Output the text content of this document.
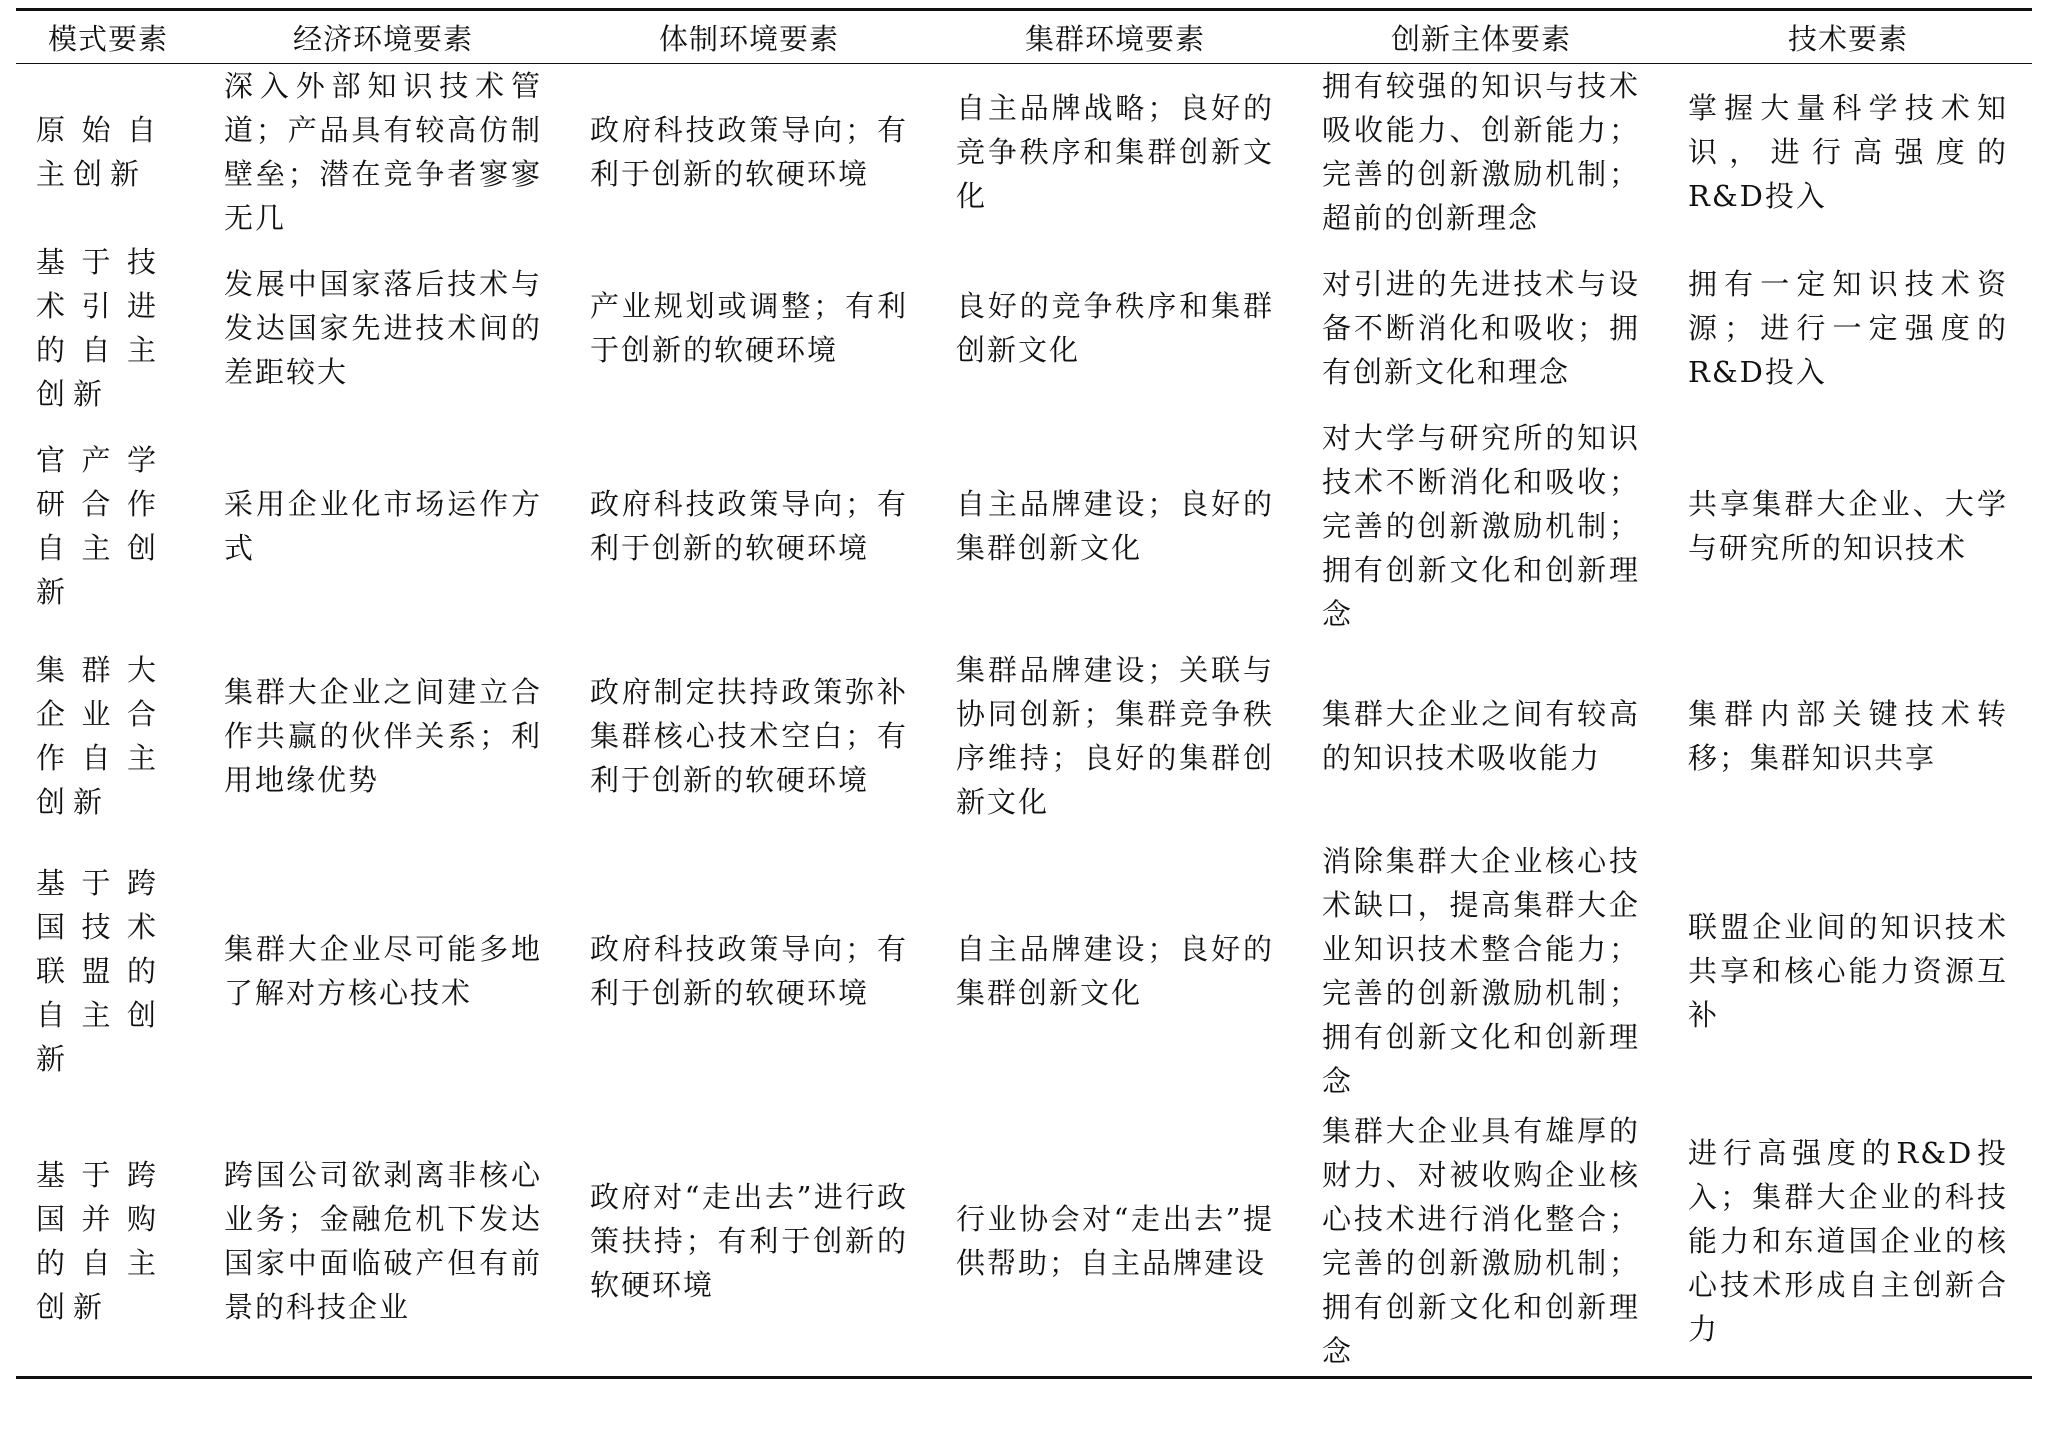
模式要素	经济环境要素	体制环境要素	集群环境要素	创新主体要素	技术要素
原始自主创新	深入外部知识技术管道；产品具有较高仿制壁垒；潜在竞争者寥寥无几	政府科技政策导向；有利于创新的软硬环境	自主品牌战略；良好的竞争秩序和集群创新文化	拥有较强的知识与技术吸收能力、创新能力；完善的创新激励机制；超前的创新理念	掌握大量科学技术知识，进行高强度的R&D投入
基于技术引进的自主创新	发展中国家落后技术与发达国家先进技术间的差距较大	产业规划或调整；有利于创新的软硬环境	良好的竞争秩序和集群创新文化	对引进的先进技术与设备不断消化和吸收；拥有创新文化和理念	拥有一定知识技术资源；进行一定强度的R&D投入
官产学研合作自主创新	采用企业化市场运作方式	政府科技政策导向；有利于创新的软硬环境	自主品牌建设；良好的集群创新文化	对大学与研究所的知识技术不断消化和吸收；完善的创新激励机制；拥有创新文化和创新理念	共享集群大企业、大学与研究所的知识技术
集群大企业合作自主创新	集群大企业之间建立合作共赢的伙伴关系；利用地缘优势	政府制定扶持政策弥补集群核心技术空白；有利于创新的软硬环境	集群品牌建设；关联与协同创新；集群竞争秩序维持；良好的集群创新文化	集群大企业之间有较高的知识技术吸收能力	集群内部关键技术转移；集群知识共享
基于跨国技术联盟的自主创新	集群大企业尽可能多地了解对方核心技术	政府科技政策导向；有利于创新的软硬环境	自主品牌建设；良好的集群创新文化	消除集群大企业核心技术缺口，提高集群大企业知识技术整合能力；完善的创新激励机制；拥有创新文化和创新理念	联盟企业间的知识技术共享和核心能力资源互补
基于跨国并购的自主创新	跨国公司欲剥离非核心业务；金融危机下发达国家中面临破产但有前景的科技企业	政府对“走出去”进行政策扶持；有利于创新的软硬环境	行业协会对“走出去”提供帮助；自主品牌建设	集群大企业具有雄厚的财力、对被收购企业核心技术进行消化整合；完善的创新激励机制；拥有创新文化和创新理念	进行高强度的R&D投入；集群大企业的科技能力和东道国企业的核心技术形成自主创新合力
